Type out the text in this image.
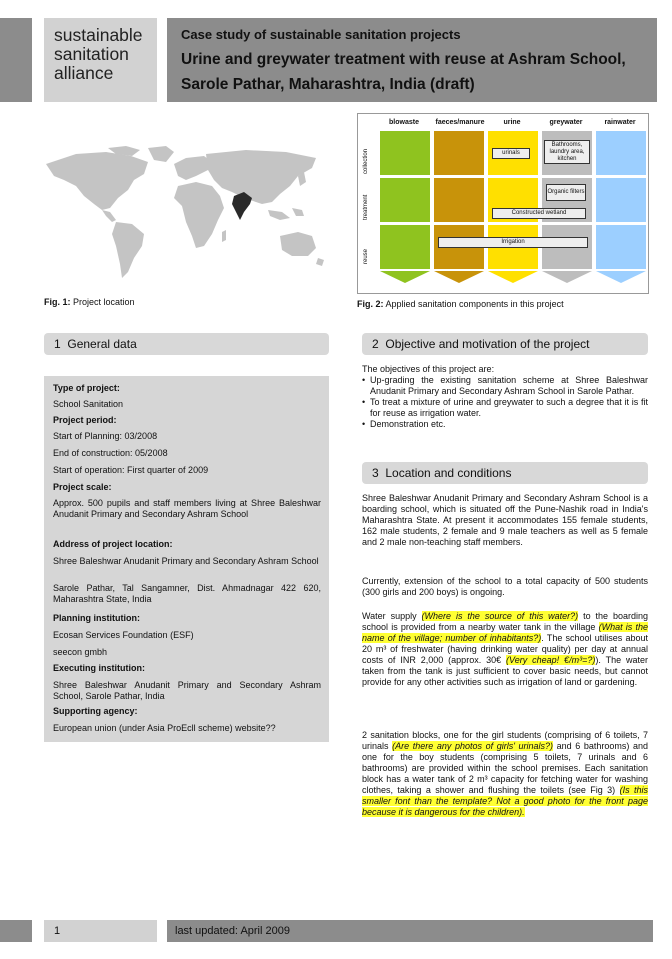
sustainable
sanitation
alliance
Case study of sustainable sanitation projects
Urine and greywater treatment with reuse at Ashram School, Sarole Pathar, Maharashtra, India (draft)
Fig. 1: Project location
blowaste	faeces/manure	urine	greywater	rainwater
collection
treatment
reuse
urinals
Bathrooms, laundry area, kitchen
Organic filters
Constructed wetland
Irrigation
Fig. 2: Applied sanitation components in this project
1 General data
Type of project:
School Sanitation
Project period:
Start of Planning: 03/2008
End of construction: 05/2008
Start of operation: First quarter of 2009
Project scale:
Approx. 500 pupils and staff members living at Shree Baleshwar Anudanit Primary and Secondary Ashram School
Address of project location:
Shree Baleshwar Anudanit Primary and Secondary Ashram School
Sarole Pathar, Tal Sangamner, Dist. Ahmadnagar 422 620, Maharashtra State, India
Planning institution:
Ecosan Services Foundation (ESF)
seecon gmbh
Executing institution:
Shree Baleshwar Anudanit Primary and Secondary Ashram School, Sarole Pathar, India
Supporting agency:
European union (under Asia ProEcll scheme) website??
2 Objective and motivation of the project
The objectives of this project are:
• Up-grading the existing sanitation scheme at Shree Baleshwar Anudanit Primary and Secondary Ashram School in Sarole Pathar.
• To treat a mixture of urine and greywater to such a degree that it is fit for reuse as irrigation water.
• Demonstration etc.
3 Location and conditions
Shree Baleshwar Anudanit Primary and Secondary Ashram School is a boarding school, which is situated off the Pune-Nashik road in India's Maharashtra State. At present it accommodates 155 female students, 162 male students, 2 female and 9 male teachers as well as 5 female and 2 male non-teaching staff members.
Currently, extension of the school to a total capacity of 500 students (300 girls and 200 boys) is ongoing.
Water supply (Where is the source of this water?) to the boarding school is provided from a nearby water tank in the village (What is the name of the village; number of inhabitants?). The school utilises about 20 m³ of freshwater (having drinking water quality) per day at annual costs of INR 2,000 (approx. 30€ (Very cheap! €/m³=?)). The water taken from the tank is just sufficient to cover basic needs, but cannot provide for any other activities such as irrigation of land or gardening.
2 sanitation blocks, one for the girl students (comprising of 6 toilets, 7 urinals (Are there any photos of girls' urinals?) and 6 bathrooms) and one for the boy students (comprising 5 toilets, 7 urinals and 6 bathrooms) are provided within the school premises. Each sanitation block has a water tank of 2 m³ capacity for fetching water for washing clothes, taking a shower and flushing the toilets (see Fig 3) (Is this smaller font than the template? Not a good photo for the front page because it is dangerous for the children).
1	last updated: April 2009
